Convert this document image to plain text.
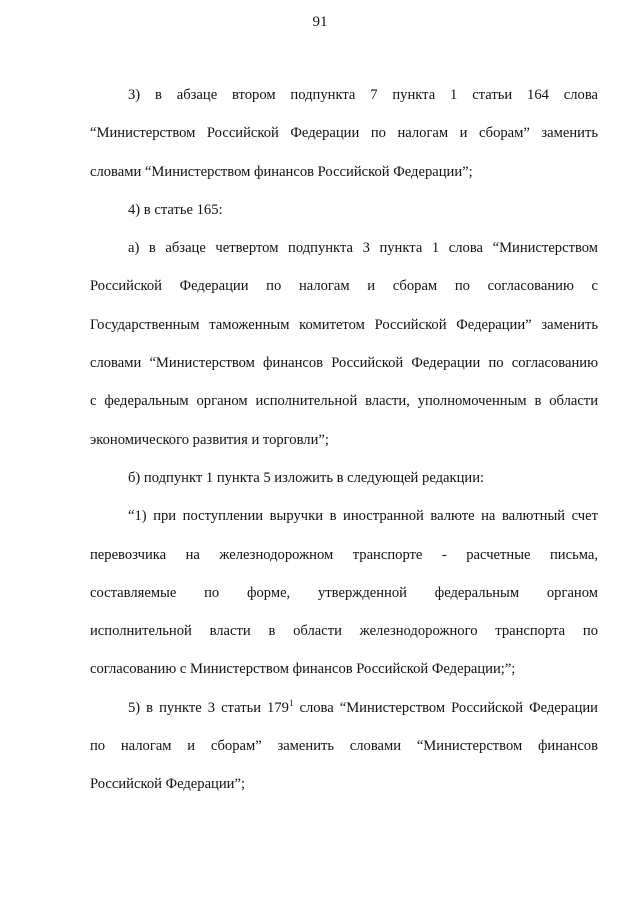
91

3) в абзаце втором подпункта 7 пункта 1 статьи 164 слова
“Министерством Российской Федерации по налогам и сборам” заменить
словами “Министерством финансов Российской Федерации”;

4) в статье 165:

а) в абзаце четвертом подпункта 3 пункта 1 слова “Министерством
Российской Федерации по налогам и сборам по согласованию с
Государственным таможенным комитетом Российской Федерации” заменить
словами “Министерством финансов Российской Федерации по согласованию
с федеральным органом исполнительной власти, уполномоченным в области
экономического развития и торговли”;

б) подпункт 1 пункта 5 изложить в следующей редакции:

“1) при поступлении выручки в иностранной валюте на валютный счет
перевозчика на железнодорожном транспорте - расчетные письма,
составляемые по форме, утвержденной федеральным органом
исполнительной власти в области железнодорожного транспорта по
согласованию с Министерством финансов Российской Федерации;”;

5) в пункте 3 статьи $179^1$ слова “Министерством Российской Федерации
по налогам и сборам” заменить словами “Министерством финансов
Российской Федерации”;
